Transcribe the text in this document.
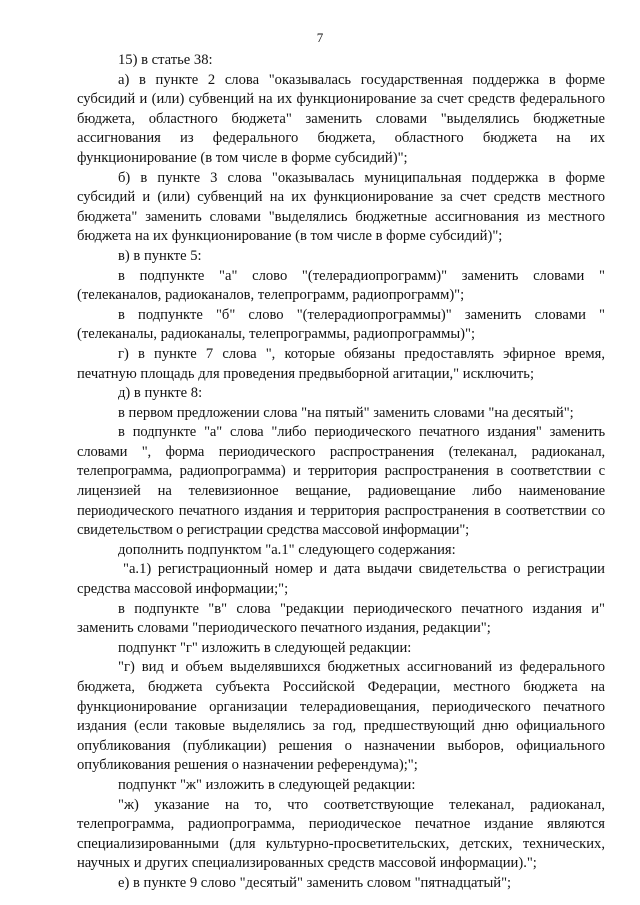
7

15) в статье 38:

а) в пункте 2 слова "оказывалась государственная поддержка в форме субсидий и (или) субвенций на их функционирование за счет средств федерального бюджета, областного бюджета" заменить словами "выделялись бюджетные ассигнования из федерального бюджета, областного бюджета на их функционирование (в том числе в форме субсидий)";

б) в пункте 3 слова "оказывалась муниципальная поддержка в форме субсидий и (или) субвенций на их функционирование за счет средств местного бюджета" заменить словами "выделялись бюджетные ассигнования из местного бюджета на их функционирование (в том числе в форме субсидий)";

в) в пункте 5:

в подпункте "а" слово "(телерадиопрограмм)" заменить словами "(телеканалов, радиоканалов, телепрограмм, радиопрограмм)";

в подпункте "б" слово "(телерадиопрограммы)" заменить словами "(телеканалы, радиоканалы, телепрограммы, радиопрограммы)";

г) в пункте 7 слова ", которые обязаны предоставлять эфирное время, печатную площадь для проведения предвыборной агитации," исключить;

д) в пункте 8:

в первом предложении слова "на пятый" заменить словами "на десятый";

в подпункте "а" слова "либо периодического печатного издания" заменить словами ", форма периодического распространения (телеканал, радиоканал, телепрограмма, радиопрограмма) и территория распространения в соответствии с лицензией на телевизионное вещание, радиовещание либо наименование периодического печатного издания и территория распространения в соответствии со свидетельством о регистрации средства массовой информации";

дополнить подпунктом "а.1" следующего содержания:

"а.1) регистрационный номер и дата выдачи свидетельства о регистрации средства массовой информации;";

в подпункте "в" слова "редакции периодического печатного издания и" заменить словами "периодического печатного издания, редакции";

подпункт "г" изложить в следующей редакции:

"г) вид и объем выделявшихся бюджетных ассигнований из федерального бюджета, бюджета субъекта Российской Федерации, местного бюджета на функционирование организации телерадиовещания, периодического печатного издания (если таковые выделялись за год, предшествующий дню официального опубликования (публикации) решения о назначении выборов, официального опубликования решения о назначении референдума);";

подпункт "ж" изложить в следующей редакции:

"ж) указание на то, что соответствующие телеканал, радиоканал, телепрограмма, радиопрограмма, периодическое печатное издание являются специализированными (для культурно-просветительских, детских, технических, научных и других специализированных средств массовой информации).";

е) в пункте 9 слово "десятый" заменить словом "пятнадцатый";
